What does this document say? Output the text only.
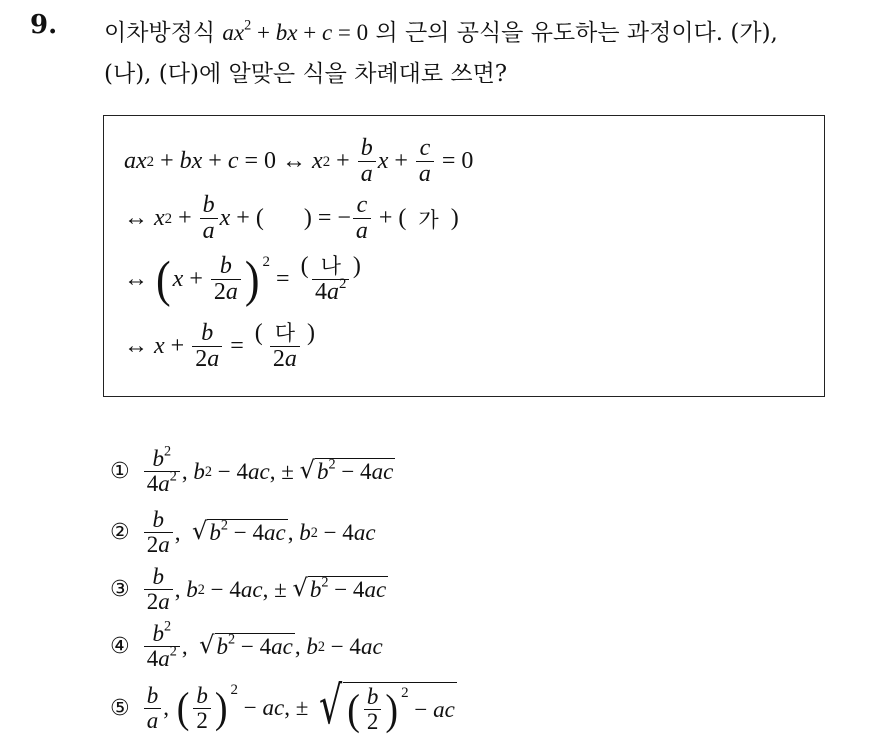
9. 이차방정식 $ax^2$ + bx + c = 0 의 근의 공식을 유도하는 과정이다. (가),
(나), (다)에 알맞은 식을 차례대로 쓰면?
ax 2 + bx + c = 0 ↔ x $2 + \frac{b}{a}$ $x + \frac{c}{a} = 0$
↔ x $2 + \frac{b}{a}$ x + ( ) = − $\frac{c}{a}$ + ( 가 )
↔ ( $x + \frac{b}{2a}$ ) 2
= $\frac{\text{(  나  )}}{4a^2}$
↔ $x + \frac{b}{2a} = \frac{\text{(  다  )}}{2a}$
① $\frac{b^2}{4a^2}$ , b 2 − 4 ac , ± √ $b^2 - 4ac$
② $\frac{b}{2a}$ , √ $b^2 - 4ac$ , b 2 − 4 ac
③ $\frac{b}{2a}$ , b 2 − 4 ac , ± √ $b^2 - 4ac$
④ $\frac{b^2}{4a^2}$ , √ $b^2 - 4ac$ , b 2 − 4 ac
⑤ $\frac{b}{a}$ , ( $\frac{b}{2}$ ) 2
− ac , ± √ ( $\frac{b}{2}$ ) 2
− ac
